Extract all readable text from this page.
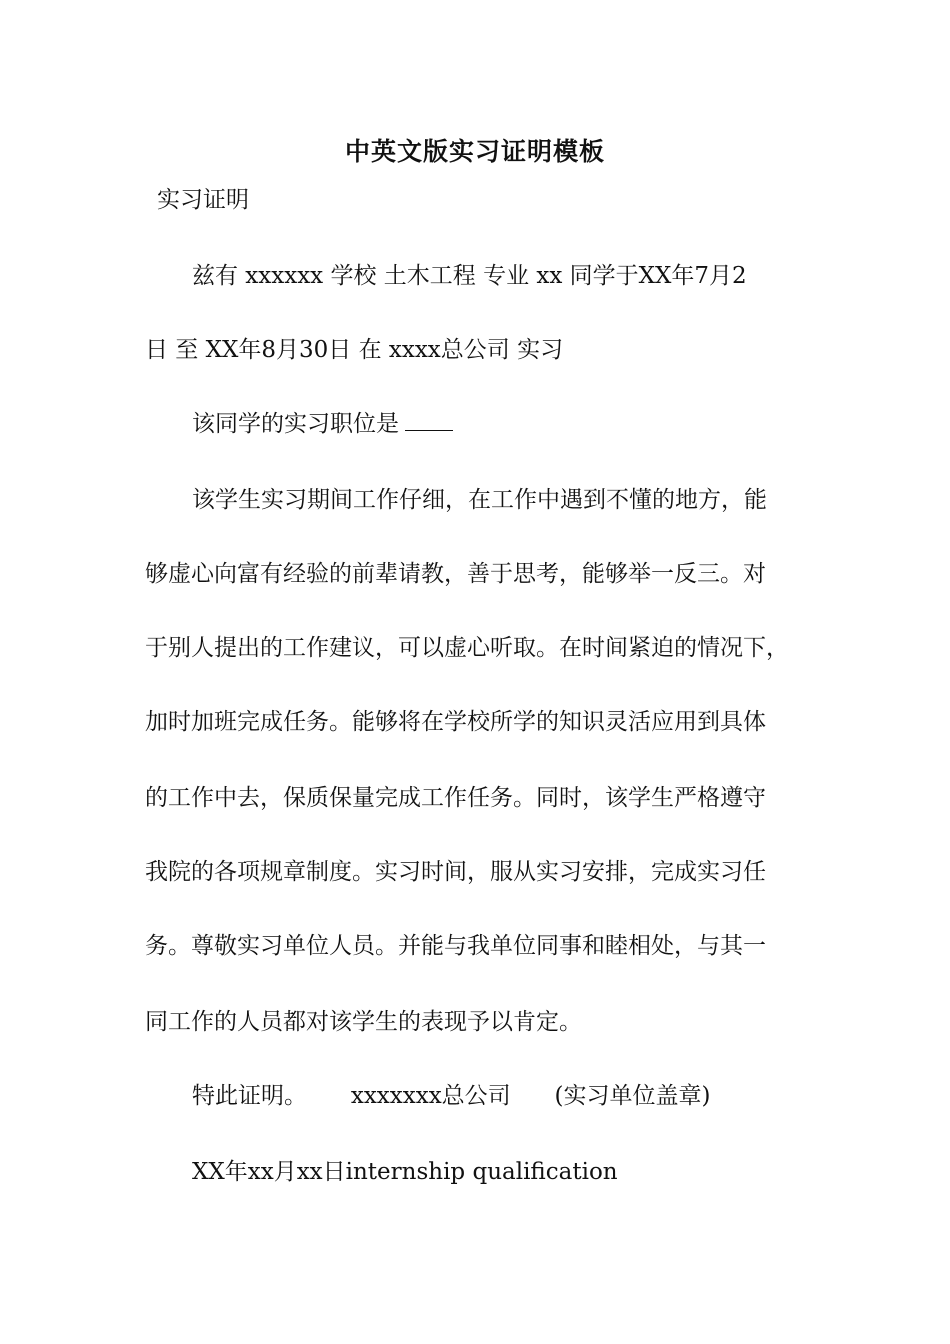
中英文版实习证明模板
实习证明
兹有 xxxxxx 学校 土木工程 专业 xx 同学于XX年7月2
日 至 XX年8月30日 在 xxxx总公司 实习
该同学的实习职位是
该学生实习期间工作仔细，在工作中遇到不懂的地方，能
够虚心向富有经验的前辈请教，善于思考，能够举一反三。对
于别人提出的工作建议，可以虚心听取。在时间紧迫的情况下，
加时加班完成任务。能够将在学校所学的知识灵活应用到具体
的工作中去，保质保量完成工作任务。同时，该学生严格遵守
我院的各项规章制度。实习时间，服从实习安排，完成实习任
务。尊敬实习单位人员。并能与我单位同事和睦相处，与其一
同工作的人员都对该学生的表现予以肯定。
特此证明。      xxxxxxx总公司      (实习单位盖章)
XX年xx月xx日internship qualification
